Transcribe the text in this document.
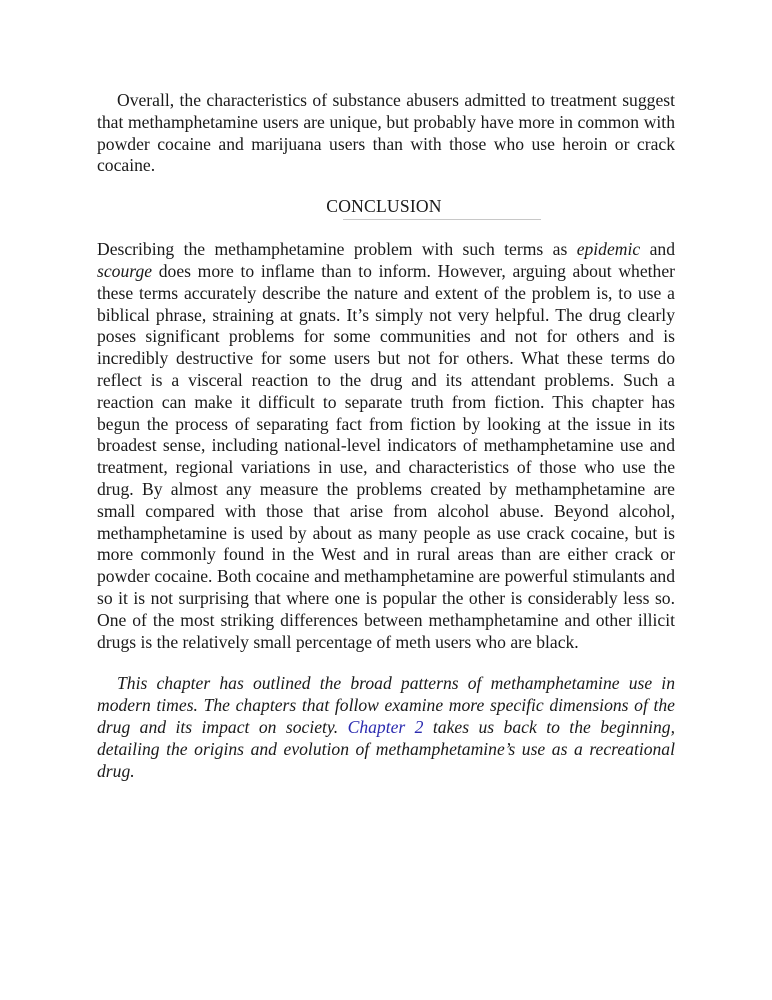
Overall, the characteristics of substance abusers admitted to treatment suggest that methamphetamine users are unique, but probably have more in common with powder cocaine and marijuana users than with those who use heroin or crack cocaine.

CONCLUSION

Describing the methamphetamine problem with such terms as epidemic and scourge does more to inflame than to inform. However, arguing about whether these terms accurately describe the nature and extent of the problem is, to use a biblical phrase, straining at gnats. It’s simply not very helpful. The drug clearly poses significant problems for some communities and not for others and is incredibly destructive for some users but not for others. What these terms do reflect is a visceral reaction to the drug and its attendant problems. Such a reaction can make it difficult to separate truth from fiction. This chapter has begun the process of separating fact from fiction by looking at the issue in its broadest sense, including national-level indicators of methamphetamine use and treatment, regional variations in use, and characteristics of those who use the drug. By almost any measure the problems created by methamphetamine are small compared with those that arise from alcohol abuse. Beyond alcohol, methamphetamine is used by about as many people as use crack cocaine, but is more commonly found in the West and in rural areas than are either crack or powder cocaine. Both cocaine and methamphetamine are powerful stimulants and so it is not surprising that where one is popular the other is considerably less so. One of the most striking differences between methamphetamine and other illicit drugs is the relatively small percentage of meth users who are black.

This chapter has outlined the broad patterns of methamphetamine use in modern times. The chapters that follow examine more specific dimensions of the drug and its impact on society. Chapter 2 takes us back to the beginning, detailing the origins and evolution of methamphetamine’s use as a recreational drug.
